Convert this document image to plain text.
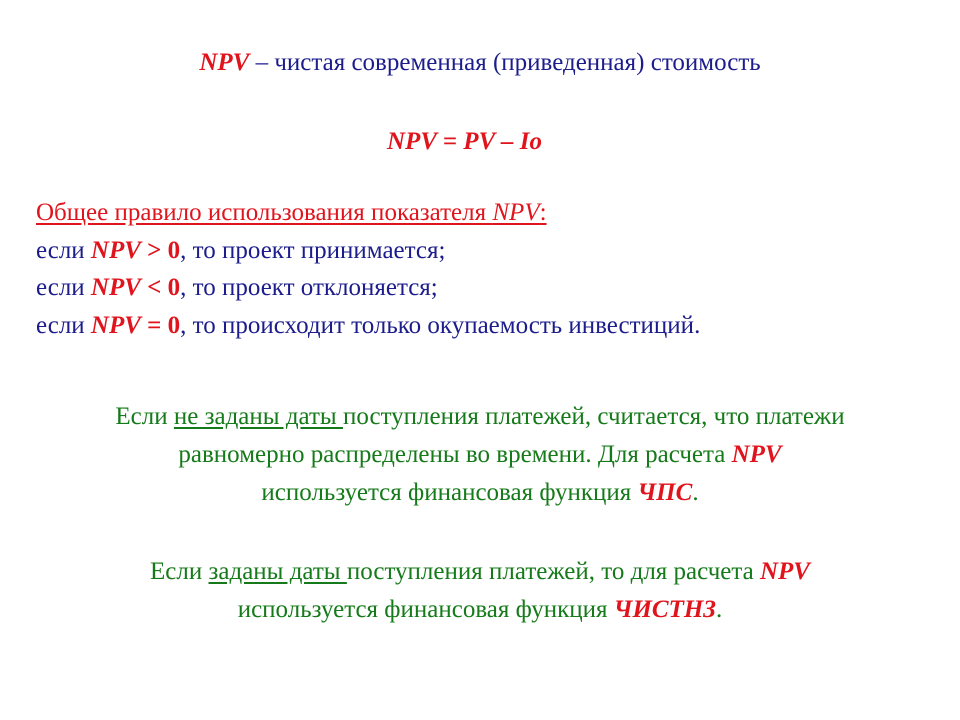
NPV – чистая современная (приведенная) стоимость
NPV = PV – Io
Общее правило использования показателя NPV:
если NPV > 0, то проект принимается;
если NPV < 0, то проект отклоняется;
если NPV = 0, то происходит только окупаемость инвестиций.
Если не заданы даты поступления платежей, считается, что платежи
равномерно распределены во времени. Для расчета NPV
используется финансовая функция ЧПС.
Если заданы даты поступления платежей, то для расчета NPV
используется финансовая функция ЧИСТНЗ.
